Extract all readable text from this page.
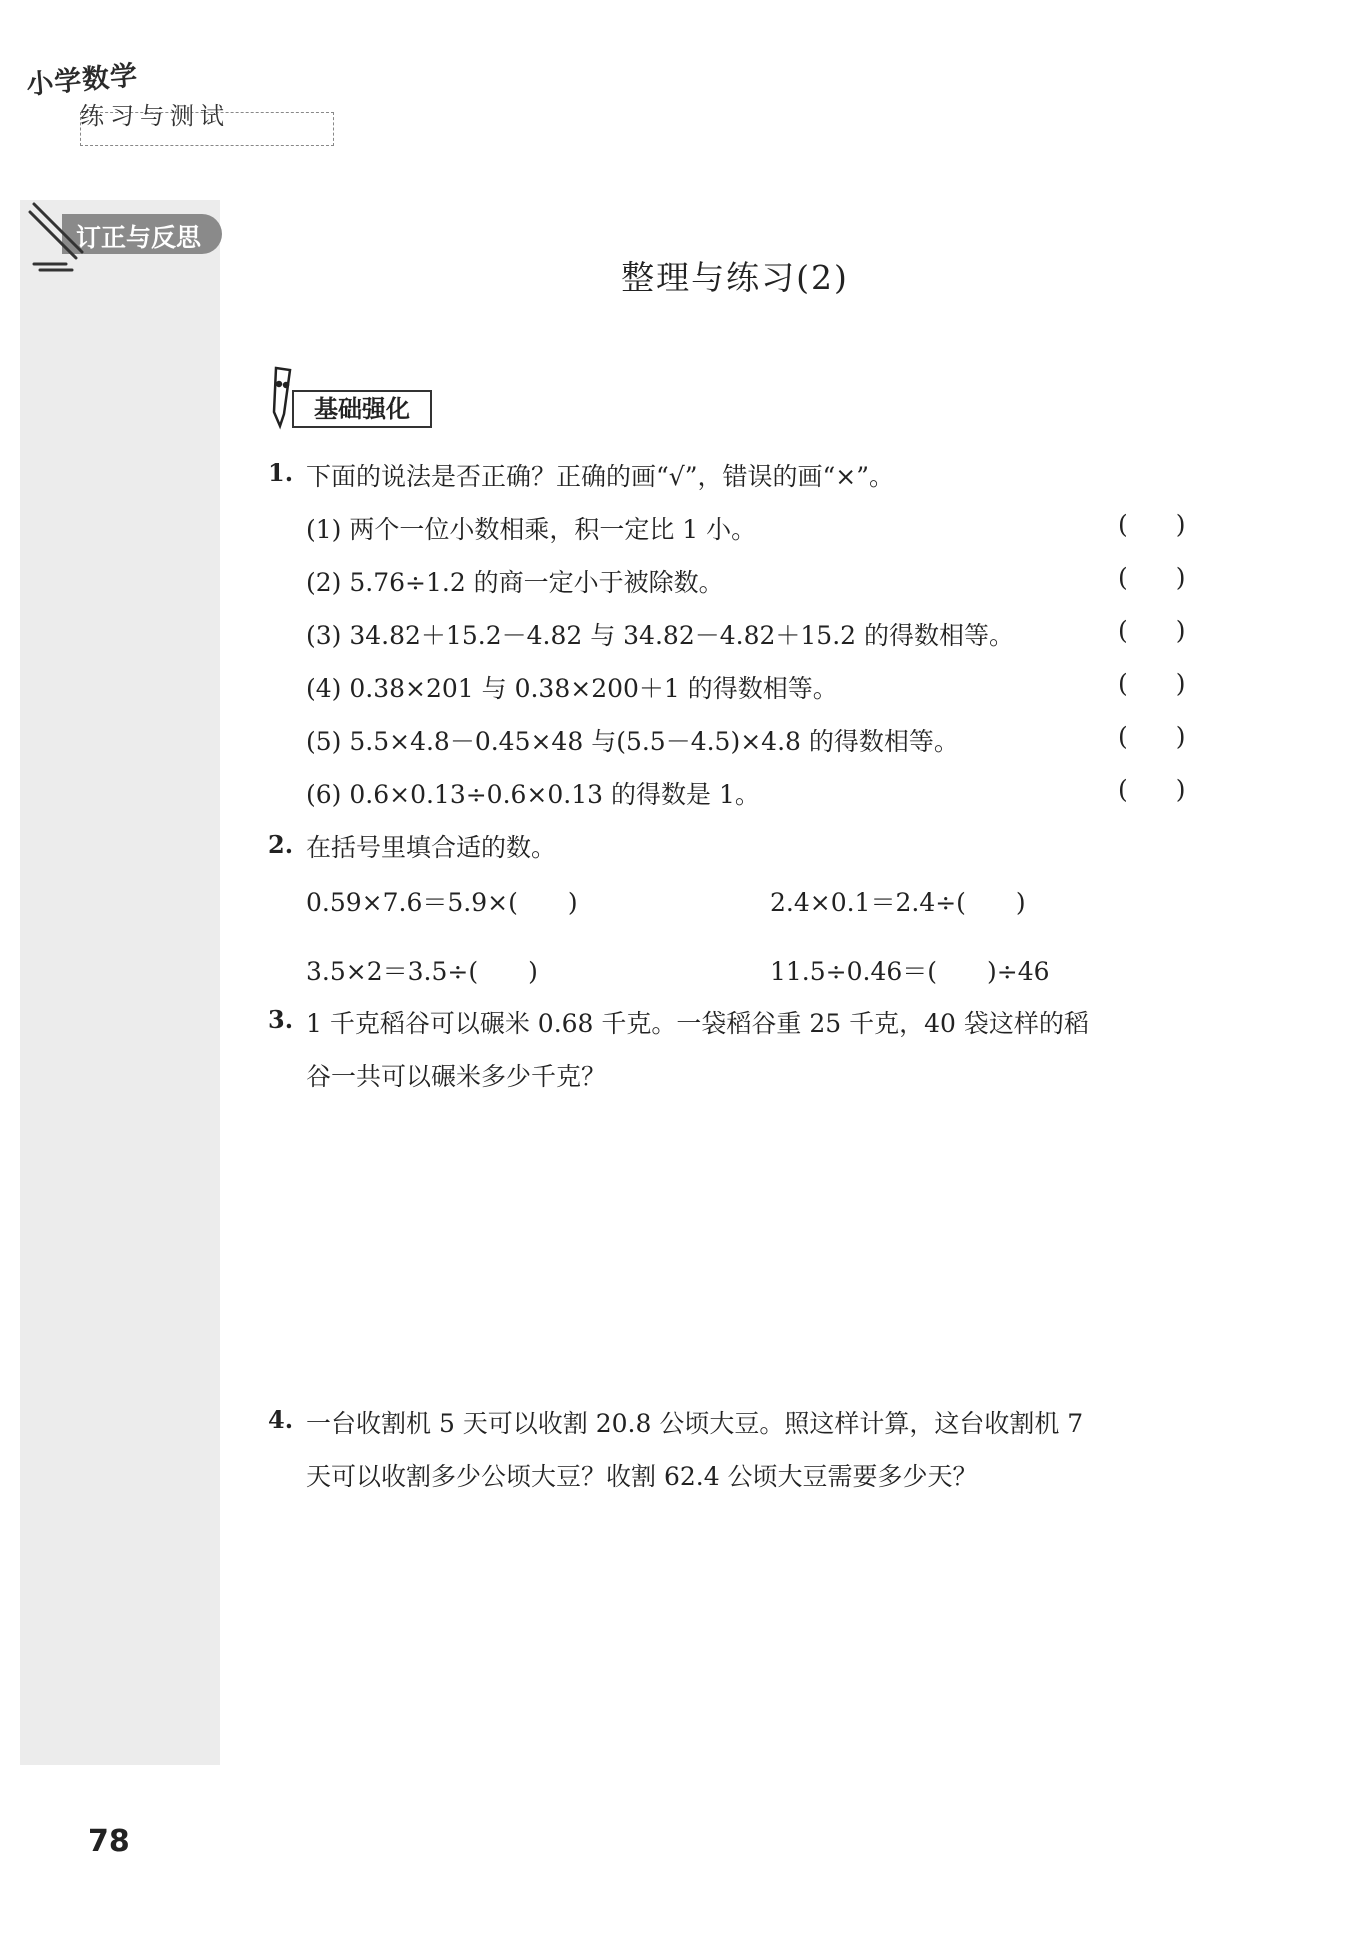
小学数学
练习与测试
订正与反思
整理与练习(2)
基础强化
1. 下面的说法是否正确？正确的画“√”，错误的画“×”。
(1) 两个一位小数相乘，积一定比 1 小。	( )
(2) 5.76÷1.2 的商一定小于被除数。	( )
(3) 34.82＋15.2－4.82 与 34.82－4.82＋15.2 的得数相等。	( )
(4) 0.38×201 与 0.38×200＋1 的得数相等。	( )
(5) 5.5×4.8－0.45×48 与(5.5－4.5)×4.8 的得数相等。	( )
(6) 0.6×0.13÷0.6×0.13 的得数是 1。	( )
2. 在括号里填合适的数。
0.59×7.6＝5.9×(　　)	2.4×0.1＝2.4÷(　　)
3.5×2＝3.5÷(　　)	11.5÷0.46＝(　　)÷46
3. 1 千克稻谷可以碾米 0.68 千克。一袋稻谷重 25 千克，40 袋这样的稻
谷一共可以碾米多少千克？
4. 一台收割机 5 天可以收割 20.8 公顷大豆。照这样计算，这台收割机 7
天可以收割多少公顷大豆？收割 62.4 公顷大豆需要多少天？
78
